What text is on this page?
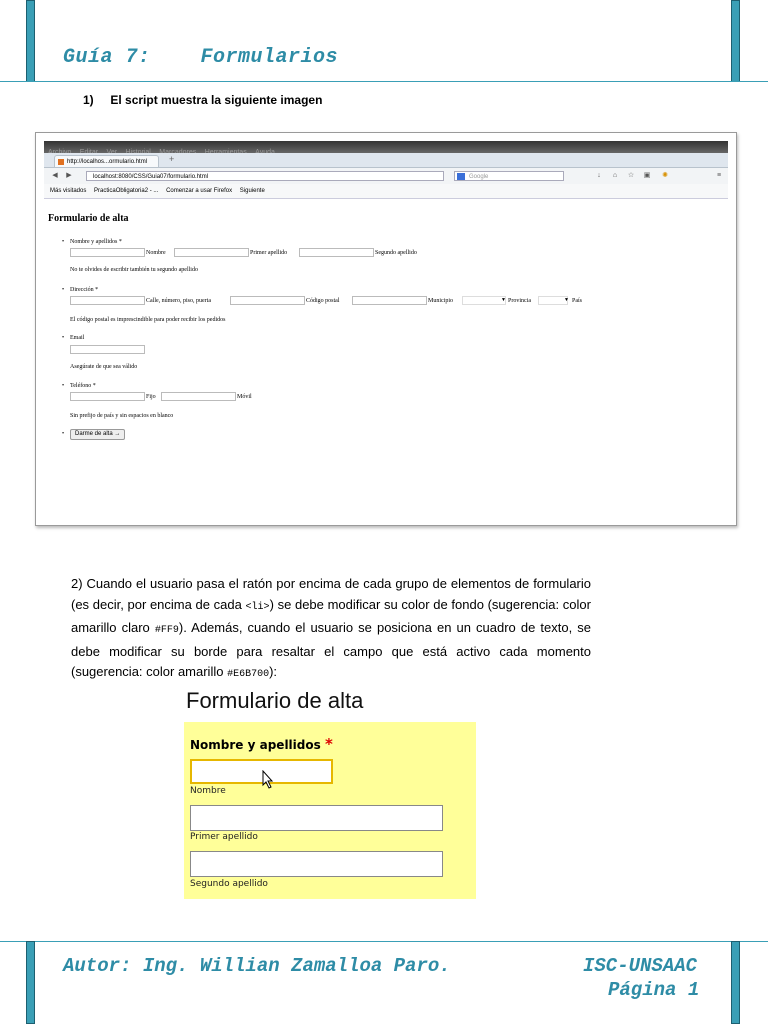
Guía 7:    Formularios
1) El script muestra la siguiente imagen
http://localhos...ormulario.html	+
◀	▶	localhost:8080/CSS/Guia07/formulario.html	Google	↓	⌂	☆ ▣ ✺	≡
Más visitados PracticaObligatoria2 - ... Comenzar a usar Firefox Siguiente
Formulario de alta
• Nombre y apellidos *
Nombre	Primer apellido	Segundo apellido
No te olvides de escribir también tu segundo apellido
• Dirección *
Calle, número, piso, puerta	Código postal	Municipio	▼ Provincia	▼ País
El código postal es imprescindible para poder recibir los pedidos
• Email
Asegúrate de que sea válido
• Teléfono *
Fijo	Móvil
Sin prefijo de país y sin espacios en blanco
•	Darme de alta →
2) Cuando el usuario pasa el ratón por encima de cada grupo de elementos de formulario (es decir, por encima de cada <li>) se debe modificar su color de fondo (sugerencia: color amarillo claro #FF9). Además, cuando el usuario se posiciona en un cuadro de texto, se debe modificar su borde para resaltar el campo que está activo cada momento (sugerencia: color amarillo #E6B700):
Formulario de alta
Nombre y apellidos *
Nombre
Primer apellido
Segundo apellido
Autor: Ing. Willian Zamalloa Paro.	ISC-UNSAAC
Página 1
